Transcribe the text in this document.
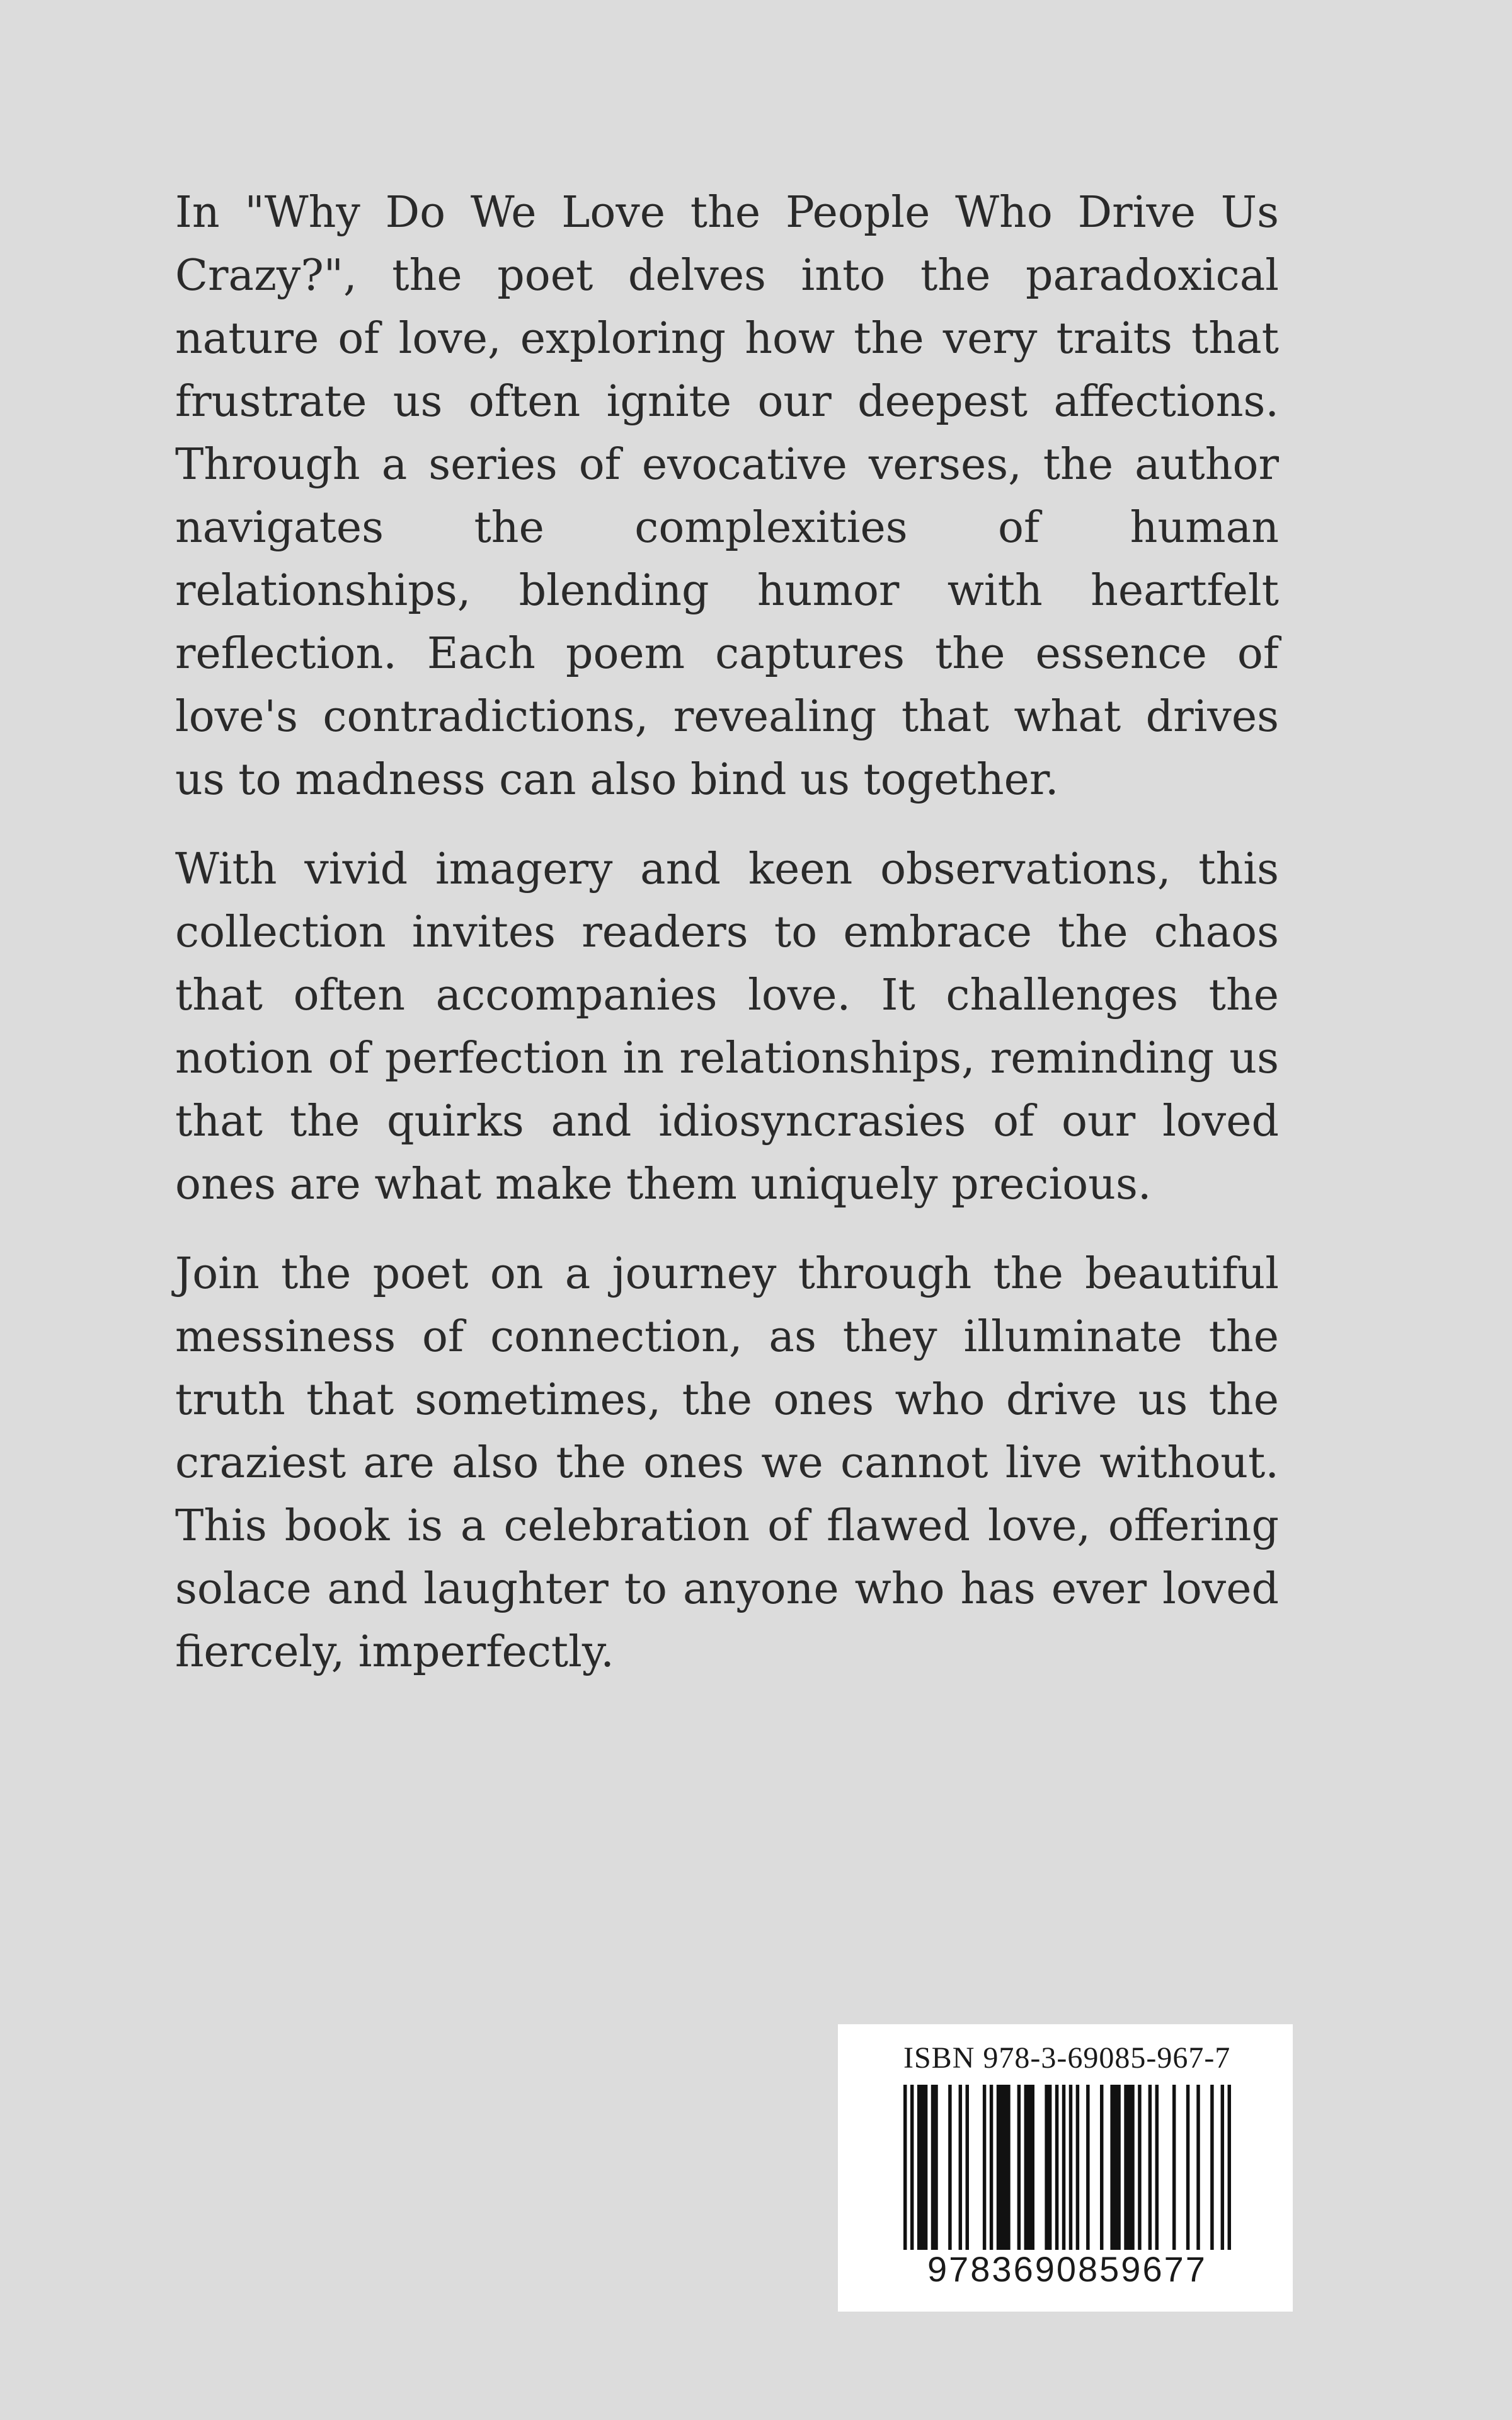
In "Why Do We Love the People Who Drive Us Crazy?", the poet delves into the paradoxical nature of love, exploring how the very traits that frustrate us often ignite our deepest affections. Through a series of evocative verses, the author navigates the complexities of human relationships, blending humor with heartfelt reflection. Each poem captures the essence of love's contradictions, revealing that what drives us to madness can also bind us together.

With vivid imagery and keen observations, this collection invites readers to embrace the chaos that often accompanies love. It challenges the notion of perfection in relationships, reminding us that the quirks and idiosyncrasies of our loved ones are what make them uniquely precious.

Join the poet on a journey through the beautiful messiness of connection, as they illuminate the truth that sometimes, the ones who drive us the craziest are also the ones we cannot live without. This book is a celebration of flawed love, offering solace and laughter to anyone who has ever loved fiercely, imperfectly.

ISBN 978-3-69085-967-7
9783690859677
